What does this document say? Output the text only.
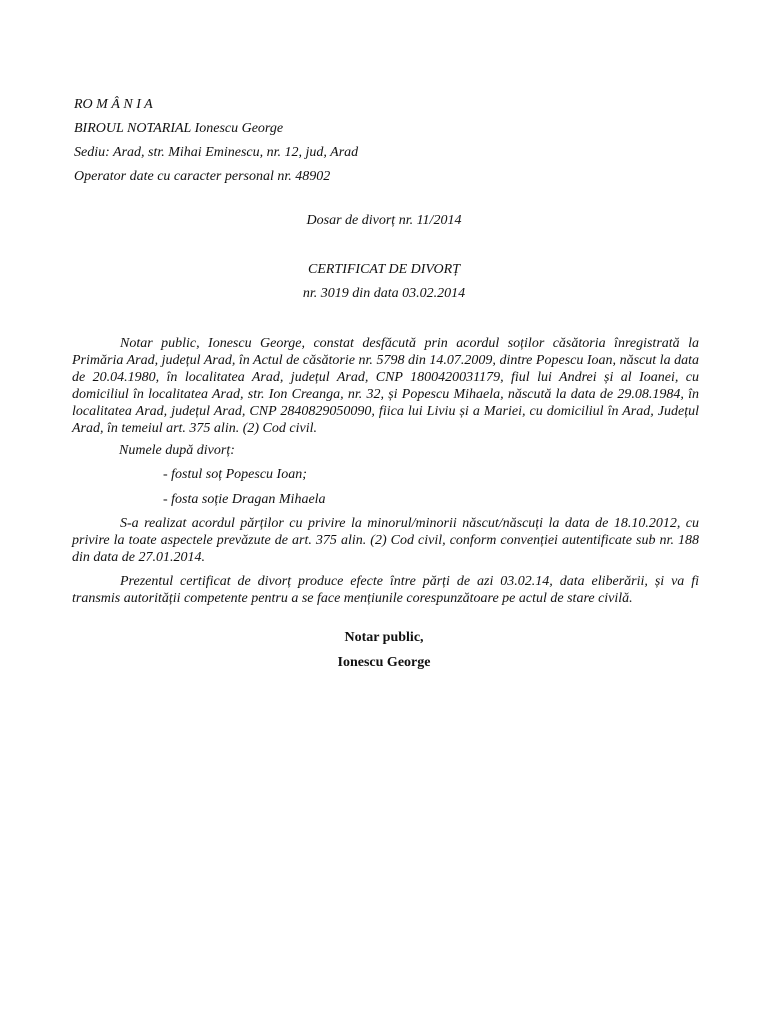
RO M Â N I A
BIROUL NOTARIAL Ionescu George
Sediu: Arad, str. Mihai Eminescu, nr. 12, jud, Arad
Operator date cu caracter personal nr. 48902
Dosar de divorț nr. 11/2014
CERTIFICAT DE DIVORȚ
nr. 3019 din data 03.02.2014

Notar public, Ionescu George, constat desfăcută prin acordul soților căsătoria înregistrată la Primăria Arad, județul Arad, în Actul de căsătorie nr. 5798 din 14.07.2009, dintre Popescu Ioan, născut la data de 20.04.1980, în localitatea Arad, județul Arad, CNP 1800420031179, fiul lui Andrei și al Ioanei, cu domiciliul în localitatea Arad, str. Ion Creanga, nr. 32, și Popescu Mihaela, născută la data de 29.08.1984, în localitatea Arad, județul Arad, CNP 2840829050090, fiica lui Liviu și a Mariei, cu domiciliul în Arad, Județul Arad, în temeiul art. 375 alin. (2) Cod civil.

Numele după divorț:
- fostul soț Popescu Ioan;
- fosta soție Dragan Mihaela

S-a realizat acordul părților cu privire la minorul/minorii născut/născuți la data de 18.10.2012, cu privire la toate aspectele prevăzute de art. 375 alin. (2) Cod civil, conform convenției autentificate sub nr. 188 din data de 27.01.2014.

Prezentul certificat de divorț produce efecte între părți de azi 03.02.14, data eliberării, și va fi transmis autorității competente pentru a se face mențiunile corespunzătoare pe actul de stare civilă.

Notar public,
Ionescu George
